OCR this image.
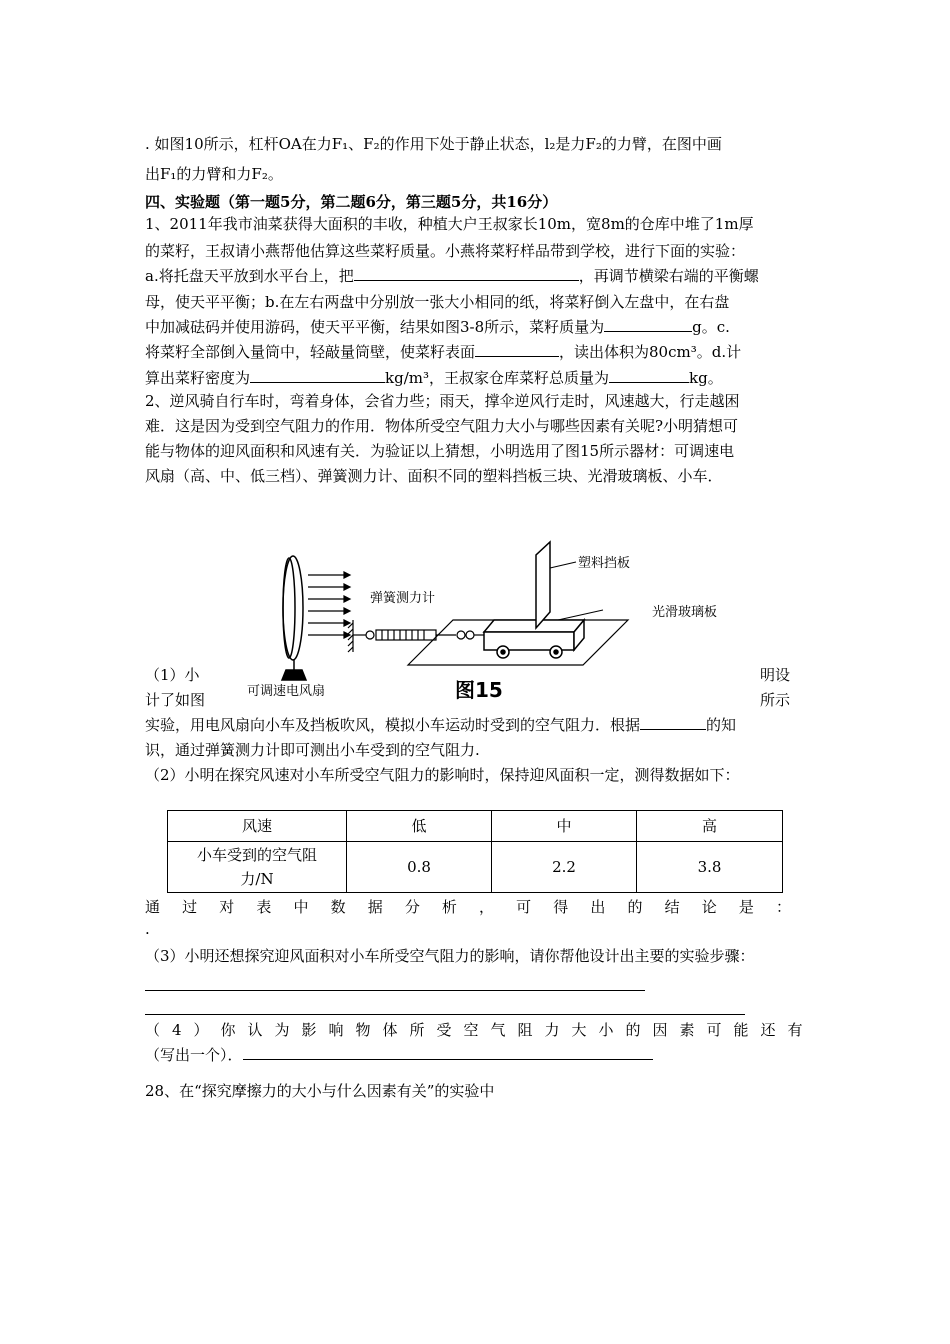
. 如图10所示，杠杆OA在力F₁、F₂的作用下处于静止状态，l₂是力F₂的力臂，在图中画
出F₁的力臂和力F₂。
四、实验题（第一题5分，第二题6分，第三题5分，共16分）
1、2011年我市油菜获得大面积的丰收，种植大户王叔家长10m，宽8m的仓库中堆了1m厚
的菜籽，王叔请小燕帮他估算这些菜籽质量。小燕将菜籽样品带到学校，进行下面的实验：
a.将托盘天平放到水平台上，把	，再调节横梁右端的平衡螺
母，使天平平衡；b.在左右两盘中分别放一张大小相同的纸，将菜籽倒入左盘中，在右盘
中加减砝码并使用游码，使天平平衡，结果如图3-8所示，菜籽质量为	g。c.
将菜籽全部倒入量筒中，轻敲量筒壁，使菜籽表面	，读出体积为80cm³。d.计
算出菜籽密度为	kg/m³，王叔家仓库菜籽总质量为	kg。
2、逆风骑自行车时，弯着身体，会省力些；雨天，撑伞逆风行走时，风速越大，行走越困
难．这是因为受到空气阻力的作用．物体所受空气阻力大小与哪些因素有关呢?小明猜想可
能与物体的迎风面积和风速有关．为验证以上猜想，小明选用了图15所示器材：可调速电
风扇（高、中、低三档）、弹簧测力计、面积不同的塑料挡板三块、光滑玻璃板、小车．
塑料挡板
弹簧测力计
光滑玻璃板
可调速电风扇	图15
（1）小
计了如图
明设
所示
实验，用电风扇向小车及挡板吹风，模拟小车运动时受到的空气阻力．根据	的知
识，通过弹簧测力计即可测出小车受到的空气阻力.
（2）小明在探究风速对小车所受空气阻力的影响时，保持迎风面积一定，测得数据如下：
风速	低	中	高
小车受到的空气阻
力/N	0.8	2.2	3.8
通过对表中数据分析，可得出的结论是：
.
（3）小明还想探究迎风面积对小车所受空气阻力的影响，请你帮他设计出主要的实验步骤：
（4）你认为影响物体所受空气阻力大小的因素可能还有
（写出一个）．
28、在“探究摩擦力的大小与什么因素有关”的实验中
